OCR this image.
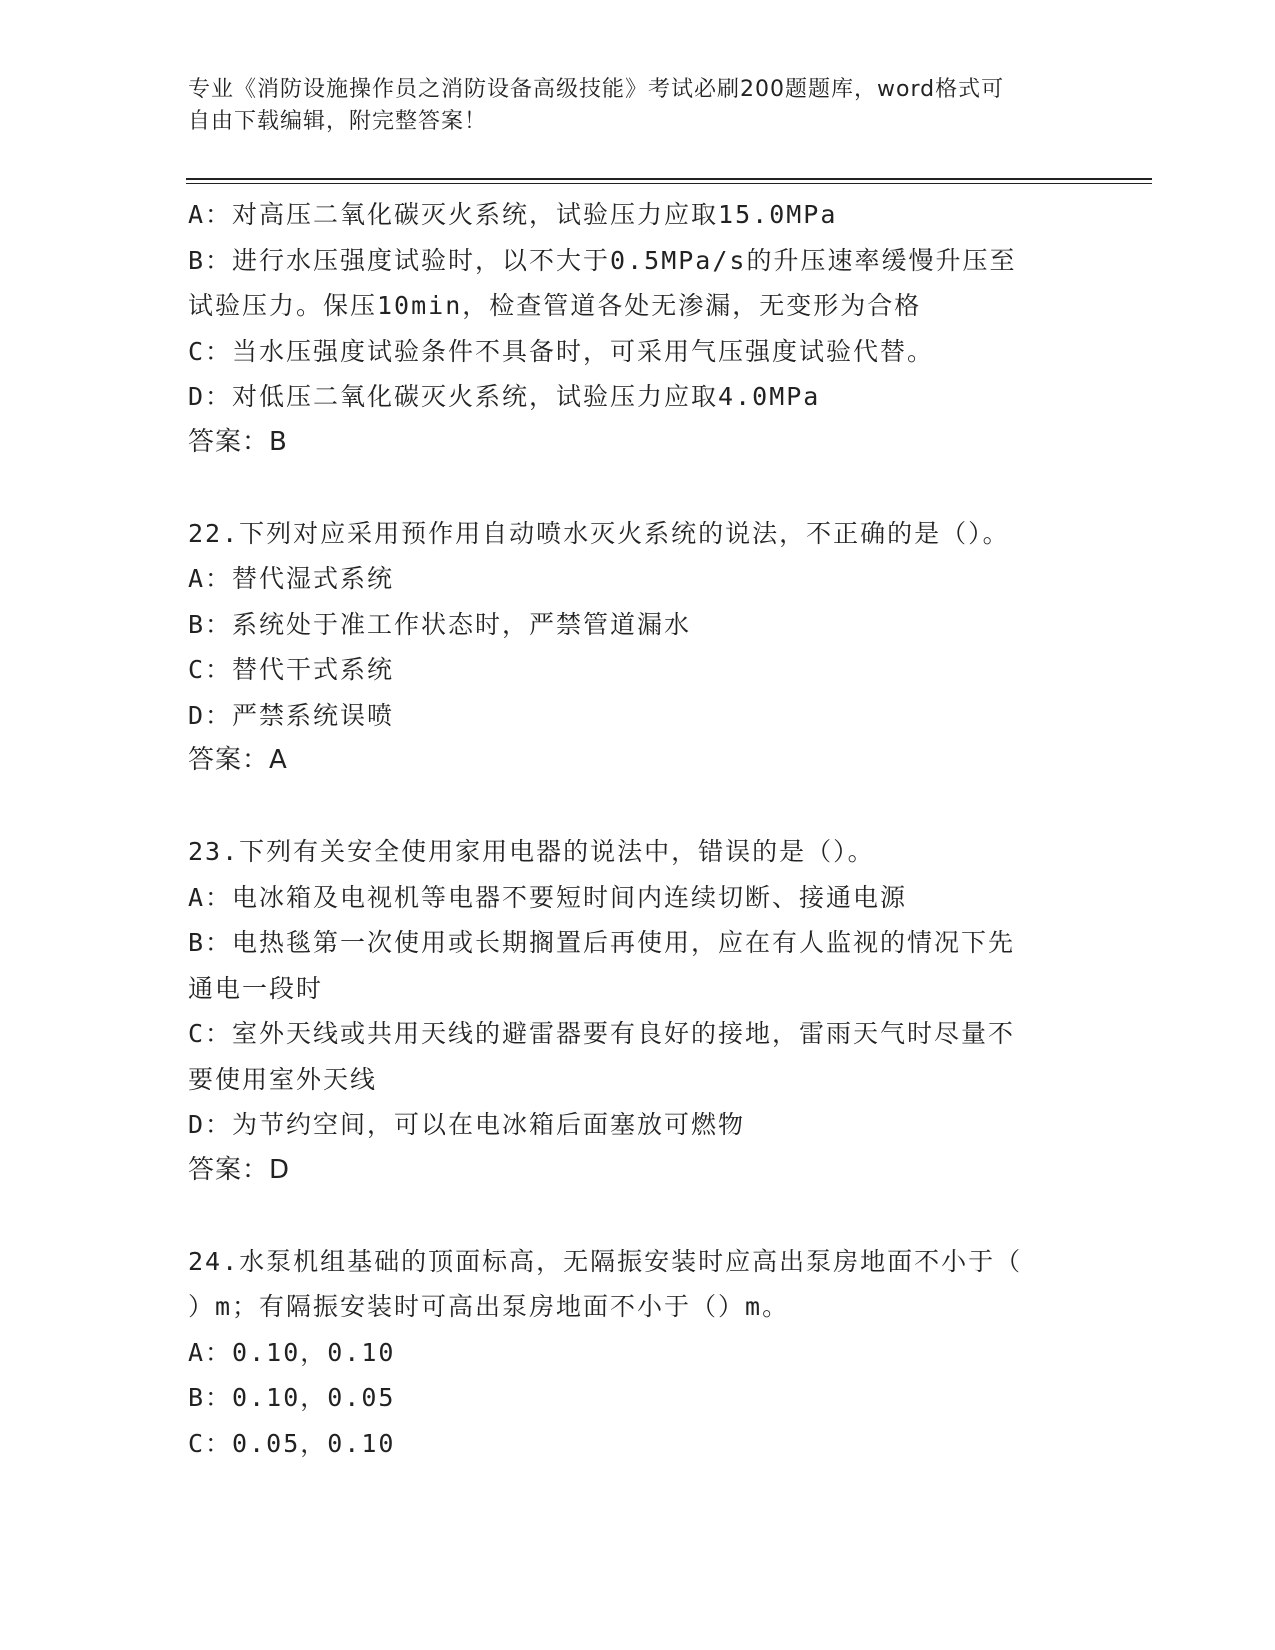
专业《消防设施操作员之消防设备高级技能》考试必刷200题题库，word格式可
自由下载编辑，附完整答案！
A：对高压二氧化碳灭火系统，试验压力应取15.0MPa
B：进行水压强度试验时，以不大于0.5MPa/s的升压速率缓慢升压至
试验压力。保压10min，检查管道各处无渗漏，无变形为合格
C：当水压强度试验条件不具备时，可采用气压强度试验代替。
D：对低压二氧化碳灭火系统，试验压力应取4.0MPa
答案：B
22.下列对应采用预作用自动喷水灭火系统的说法，不正确的是（）。
A：替代湿式系统
B：系统处于准工作状态时，严禁管道漏水
C：替代干式系统
D：严禁系统误喷
答案：A
23.下列有关安全使用家用电器的说法中，错误的是（）。
A：电冰箱及电视机等电器不要短时间内连续切断、接通电源
B：电热毯第一次使用或长期搁置后再使用，应在有人监视的情况下先
通电一段时
C：室外天线或共用天线的避雷器要有良好的接地，雷雨天气时尽量不
要使用室外天线
D：为节约空间，可以在电冰箱后面塞放可燃物
答案：D
24.水泵机组基础的顶面标高，无隔振安装时应高出泵房地面不小于（
）m；有隔振安装时可高出泵房地面不小于（）m。
A：0.10，0.10
B：0.10，0.05
C：0.05，0.10
